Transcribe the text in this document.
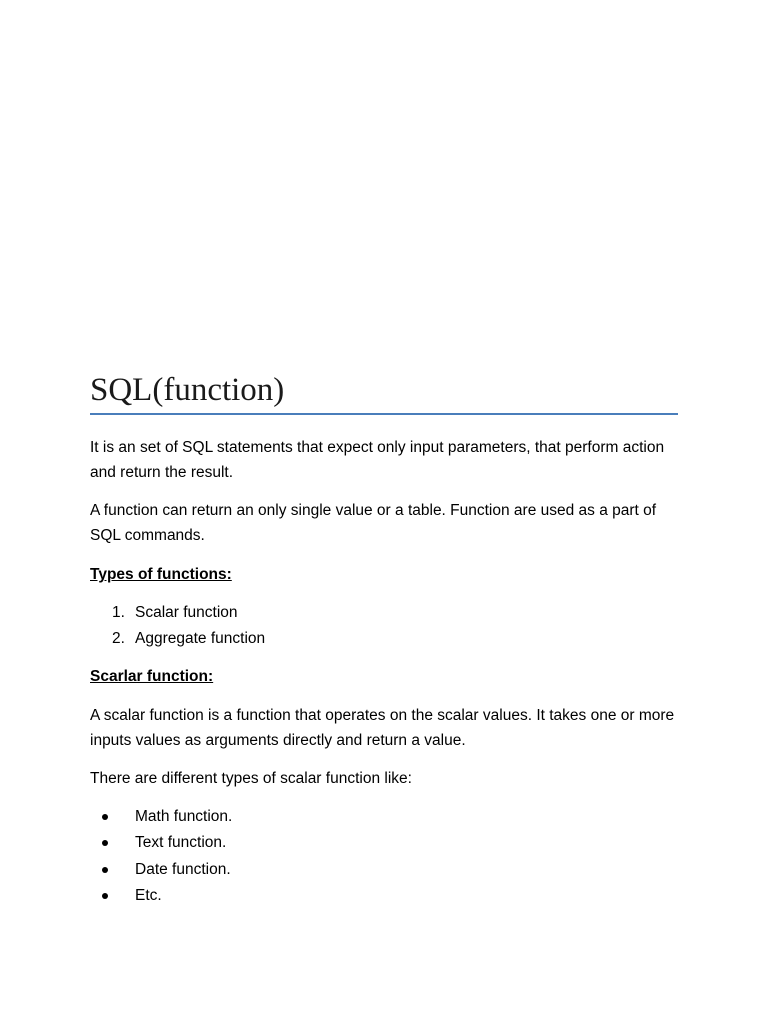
SQL(function)

It is an set of SQL statements that expect only input parameters, that perform action and return the result.

A function can return an only single value or a table. Function are used as a part of SQL commands.

Types of functions:
1. Scalar function
2. Aggregate function
Scarlar function:

A scalar function is a function that operates on the scalar values. It takes one or more inputs values as arguments directly and return a value.

There are different types of scalar function like:

Math function.
Text function.
Date function.
Etc.
